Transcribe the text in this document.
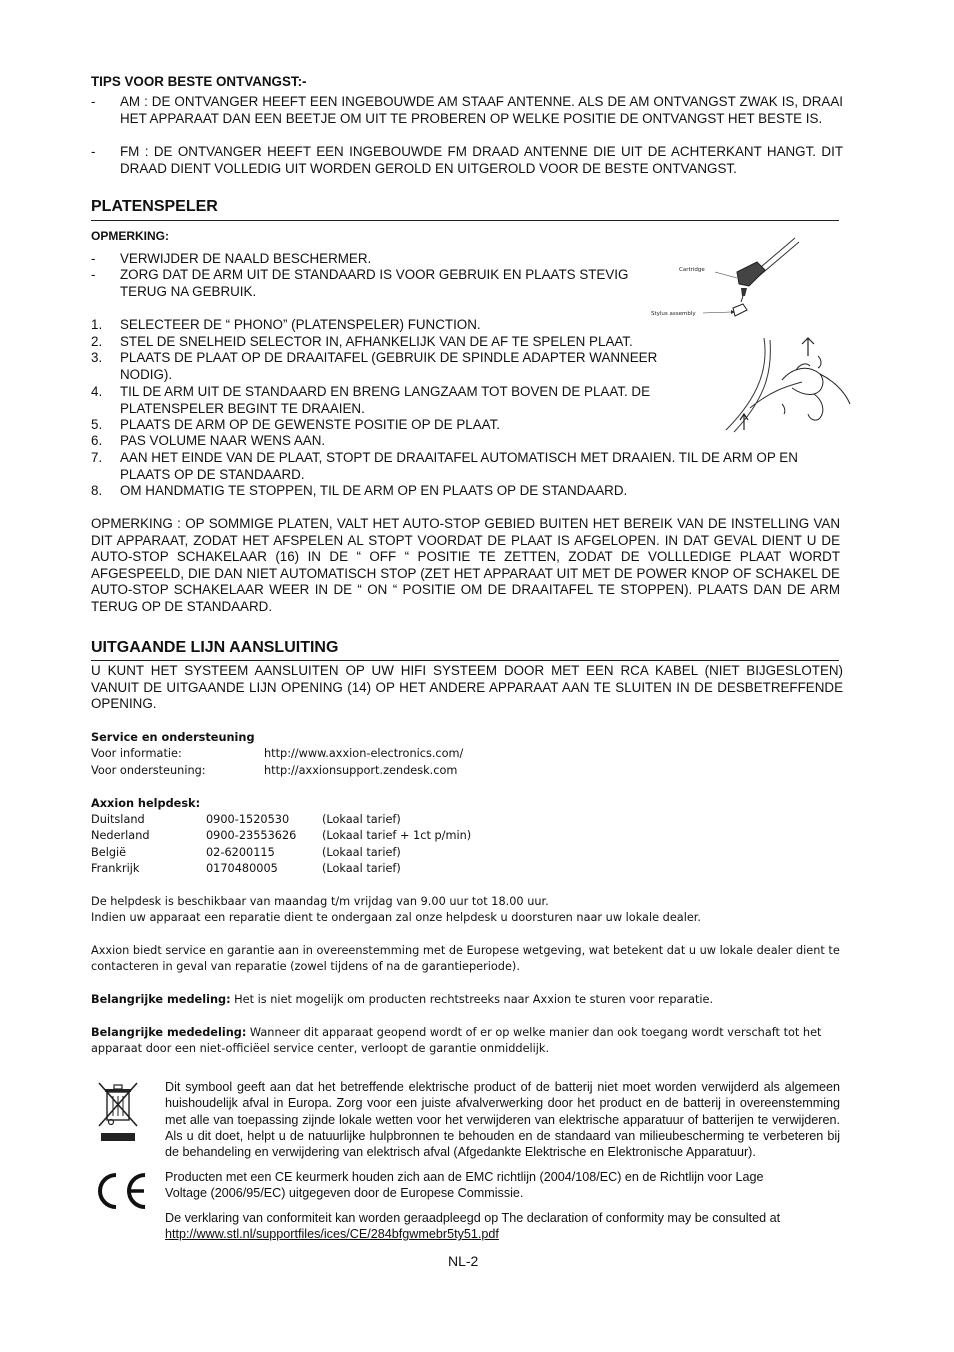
TIPS VOOR BESTE ONTVANGST:-
- AM : DE ONTVANGER HEEFT EEN INGEBOUWDE AM STAAF ANTENNE. ALS DE AM ONTVANGST ZWAK IS, DRAAI HET APPARAAT DAN EEN BEETJE OM UIT TE PROBEREN OP WELKE POSITIE DE ONTVANGST HET BESTE IS.
- FM : DE ONTVANGER HEEFT EEN INGEBOUWDE FM DRAAD ANTENNE DIE UIT DE ACHTERKANT HANGT. DIT DRAAD DIENT VOLLEDIG UIT WORDEN GEROLD EN UITGEROLD VOOR DE BESTE ONTVANGST.
PLATENSPELER
OPMERKING:
- VERWIJDER DE NAALD BESCHERMER.
- ZORG DAT DE ARM UIT DE STANDAARD IS VOOR GEBRUIK EN PLAATS STEVIG TERUG NA GEBRUIK.
Cartridge
Stylus assembly
1. SELECTEER DE “ PHONO” (PLATENSPELER) FUNCTION.
2. STEL DE SNELHEID SELECTOR IN, AFHANKELIJK VAN DE AF TE SPELEN PLAAT.
3. PLAATS DE PLAAT OP DE DRAAITAFEL (GEBRUIK DE SPINDLE ADAPTER WANNEER NODIG).
4. TIL DE ARM UIT DE STANDAARD EN BRENG LANGZAAM TOT BOVEN DE PLAAT. DE PLATENSPELER BEGINT TE DRAAIEN.
5. PLAATS DE ARM OP DE GEWENSTE POSITIE OP DE PLAAT.
6. PAS VOLUME NAAR WENS AAN.
7. AAN HET EINDE VAN DE PLAAT, STOPT DE DRAAITAFEL AUTOMATISCH MET DRAAIEN. TIL DE ARM OP EN PLAATS OP DE STANDAARD.
8. OM HANDMATIG TE STOPPEN, TIL DE ARM OP EN PLAATS OP DE STANDAARD.
OPMERKING : OP SOMMIGE PLATEN, VALT HET AUTO-STOP GEBIED BUITEN HET BEREIK VAN DE INSTELLING VAN DIT APPARAAT, ZODAT HET AFSPELEN AL STOPT VOORDAT DE PLAAT IS AFGELOPEN. IN DAT GEVAL DIENT U DE AUTO-STOP SCHAKELAAR (16) IN DE “ OFF “ POSITIE TE ZETTEN, ZODAT DE VOLLLEDIGE PLAAT WORDT AFGESPEELD, DIE DAN NIET AUTOMATISCH STOP (ZET HET APPARAAT UIT MET DE POWER KNOP OF SCHAKEL DE AUTO-STOP SCHAKELAAR WEER IN DE “ ON “ POSITIE OM DE DRAAITAFEL TE STOPPEN). PLAATS DAN DE ARM TERUG OP DE STANDAARD.
UITGAANDE LIJN AANSLUITING
U KUNT HET SYSTEEM AANSLUITEN OP UW HIFI SYSTEEM DOOR MET EEN RCA KABEL (NIET BIJGESLOTEN) VANUIT DE UITGAANDE LIJN OPENING (14) OP HET ANDERE APPARAAT AAN TE SLUITEN IN DE DESBETREFFENDE OPENING.
Service en ondersteuning
Voor informatie:	http://www.axxion-electronics.com/
Voor ondersteuning:	http://axxionsupport.zendesk.com
Axxion helpdesk:
Duitsland	0900-1520530	(Lokaal tarief)
Nederland	0900-23553626 (Lokaal tarief + 1ct p/min)
België	02-6200115	(Lokaal tarief)
Frankrijk	0170480005	(Lokaal tarief)
De helpdesk is beschikbaar van maandag t/m vrijdag van 9.00 uur tot 18.00 uur.
Indien uw apparaat een reparatie dient te ondergaan zal onze helpdesk u doorsturen naar uw lokale dealer.
Axxion biedt service en garantie aan in overeenstemming met de Europese wetgeving, wat betekent dat u uw lokale dealer dient te contacteren in geval van reparatie (zowel tijdens of na de garantieperiode).
Belangrijke medeling: Het is niet mogelijk om producten rechtstreeks naar Axxion te sturen voor reparatie.
Belangrijke mededeling: Wanneer dit apparaat geopend wordt of er op welke manier dan ook toegang wordt verschaft tot het apparaat door een niet-officiëel service center, verloopt de garantie onmiddelijk.
Dit symbool geeft aan dat het betreffende elektrische product of de batterij niet moet worden verwijderd als algemeen huishoudelijk afval in Europa. Zorg voor een juiste afvalverwerking door het product en de batterij in overeenstemming met alle van toepassing zijnde lokale wetten voor het verwijderen van elektrische apparatuur of batterijen te verwijderen. Als u dit doet, helpt u de natuurlijke hulpbronnen te behouden en de standaard van milieubescherming te verbeteren bij de behandeling en verwijdering van elektrisch afval (Afgedankte Elektrische en Elektronische Apparatuur).
Producten met een CE keurmerk houden zich aan de EMC richtlijn (2004/108/EC) en de Richtlijn voor Lage Voltage (2006/95/EC) uitgegeven door de Europese Commissie.
De verklaring van conformiteit kan worden geraadpleegd op The declaration of conformity may be consulted at http://www.stl.nl/supportfiles/ices/CE/284bfgwmebr5ty51.pdf
NL-2
